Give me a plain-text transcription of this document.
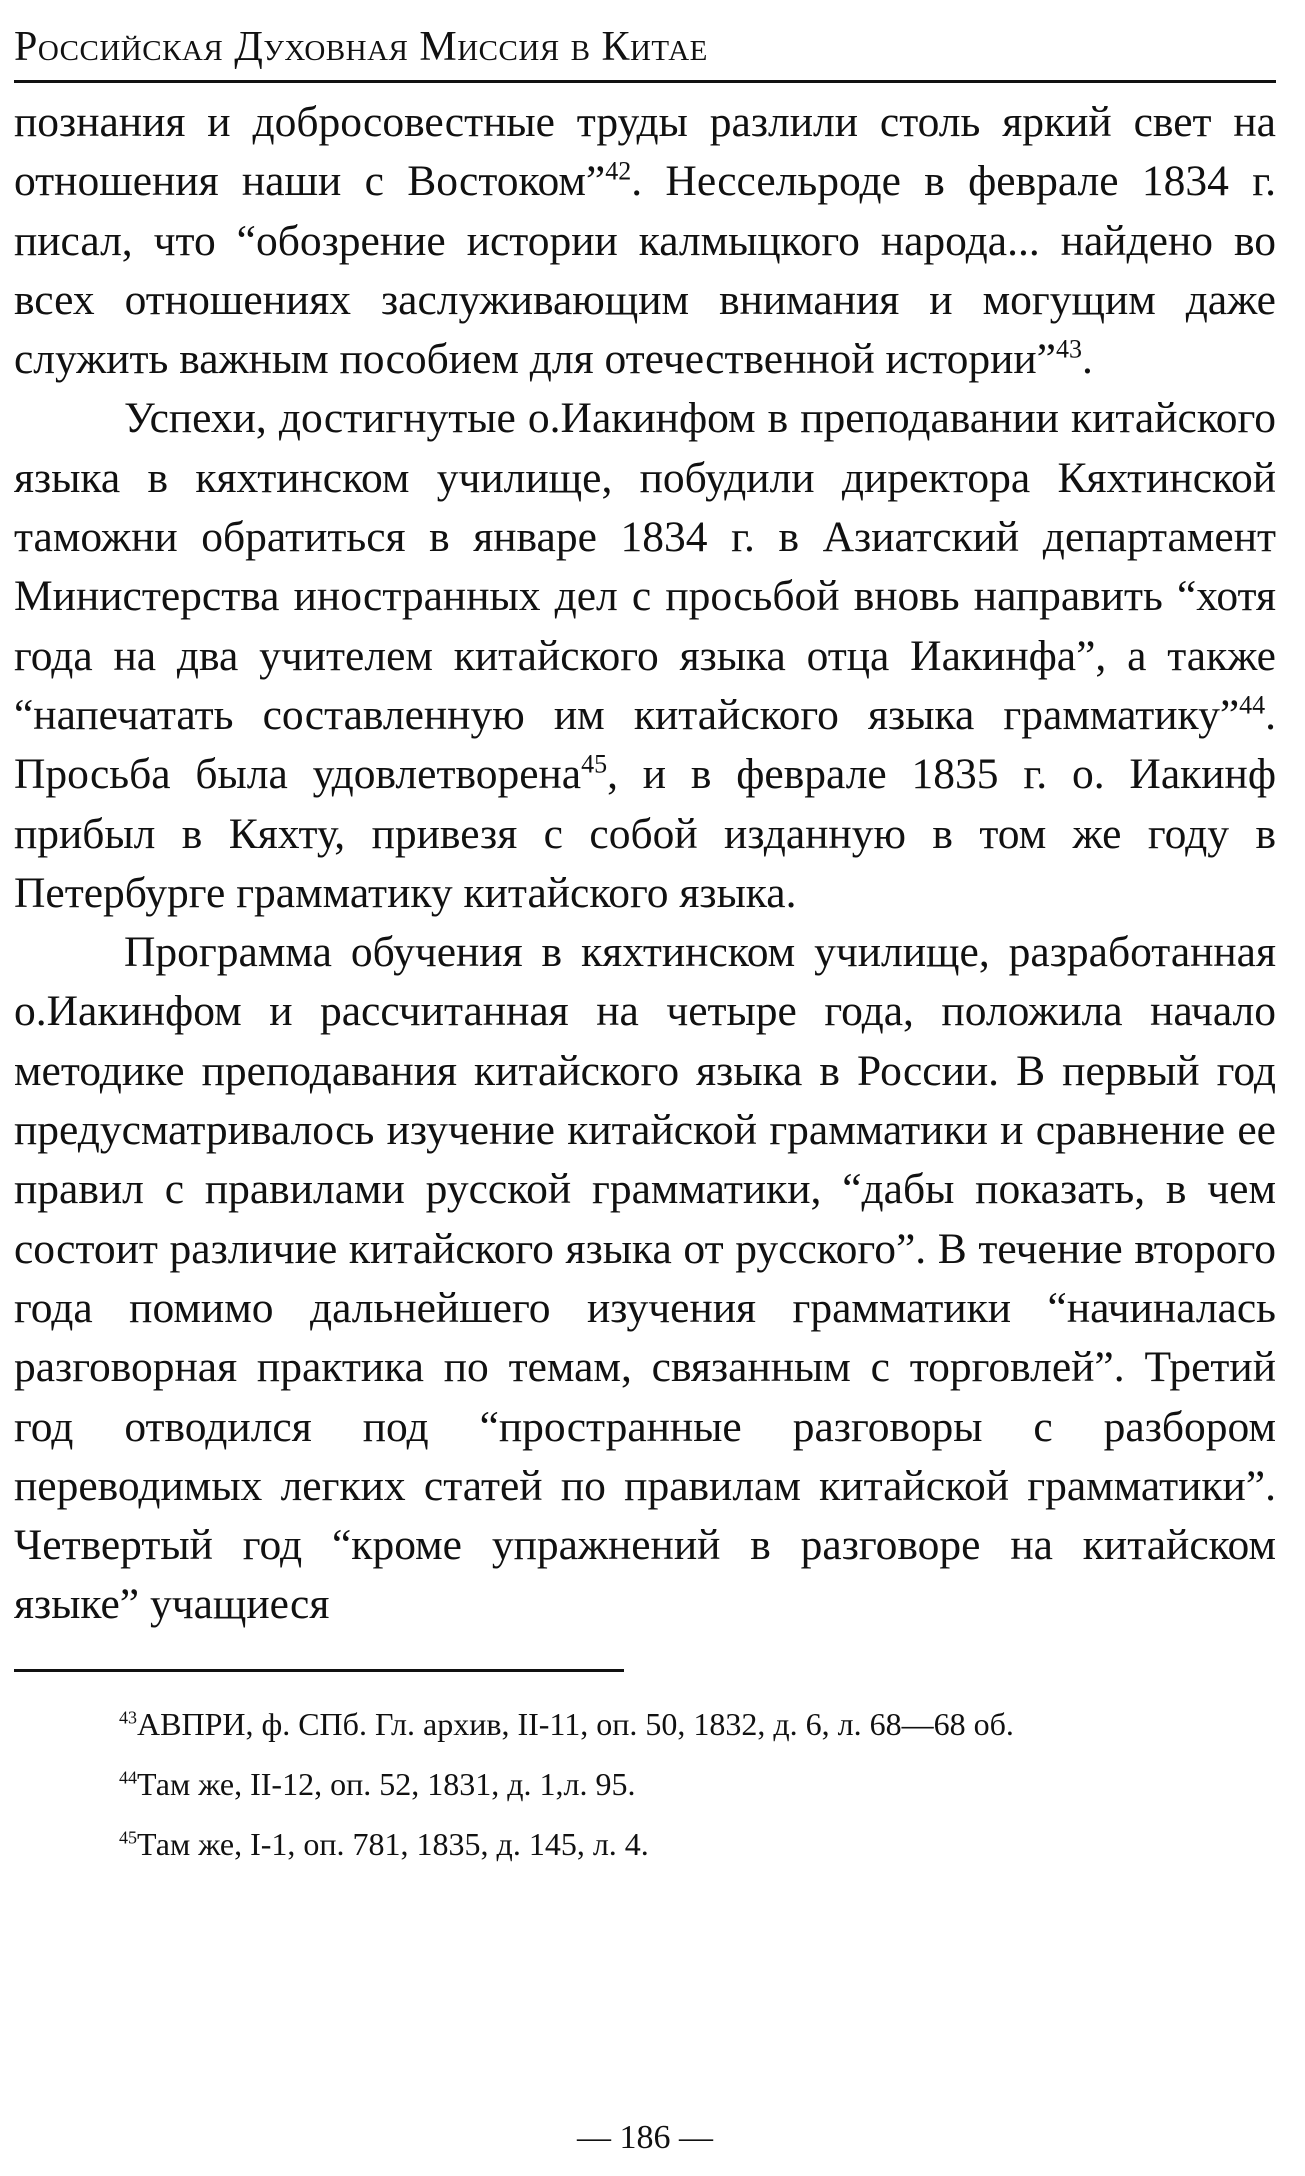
Российская Духовная Миссия в Китае

познания и добросовестные труды разлили столь яркий свет на отношения наши с Востоком”$^{42}$. Нессельроде в феврале 1834 г. писал, что “обозрение истории калмыцкого народа... найдено во всех отношениях заслуживающим внимания и могущим даже служить важным пособием для отечественной истории”$^{43}$.

Успехи, достигнутые о.Иакинфом в преподавании китайского языка в кяхтинском училище, побудили директора Кяхтинской таможни обратиться в январе 1834 г. в Азиатский департамент Министерства иностранных дел с просьбой вновь направить “хотя года на два учителем китайского языка отца Иакинфа”, а также “напечатать составленную им китайского языка грамматику”$^{44}$. Просьба была удовлетворена$^{45}$, и в феврале 1835 г. о. Иакинф прибыл в Кяхту, привезя с собой изданную в том же году в Петербурге грамматику китайского языка.

Программа обучения в кяхтинском училище, разработанная о.Иакинфом и рассчитанная на четыре года, положила начало методике преподавания китайского языка в России. В первый год предусматривалось изучение китайской грамматики и сравнение ее правил с правилами русской грамматики, “дабы показать, в чем состоит различие китайского языка от русского”. В течение второго года помимо дальнейшего изучения грамматики “начиналась разговорная практика по темам, связанным с торговлей”. Третий год отводился под “пространные разговоры с разбором переводимых легких статей по правилам китайской грамматики”. Четвертый год “кроме упражнений в разговоре на китайском языке” учащиеся

$^{43}$АВПРИ, ф. СПб. Гл. архив, II-11, оп. 50, 1832, д. 6, л. 68—68 об.
$^{44}$Там же, II-12, оп. 52, 1831, д. 1,л. 95.
$^{45}$Там же, I-1, оп. 781, 1835, д. 145, л. 4.
— 186 —
